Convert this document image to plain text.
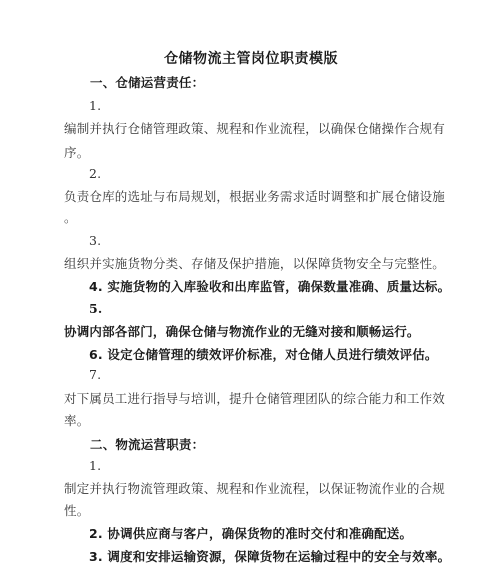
仓储物流主管岗位职责模版
一、仓储运营责任：
1.
编制并执行仓储管理政策、规程和作业流程，以确保仓储操作合规有
序。
2.
负责仓库的选址与布局规划，根据业务需求适时调整和扩展仓储设施
。
3.
组织并实施货物分类、存储及保护措施，以保障货物安全与完整性。
4. 实施货物的入库验收和出库监管，确保数量准确、质量达标。
5.
协调内部各部门，确保仓储与物流作业的无缝对接和顺畅运行。
6. 设定仓储管理的绩效评价标准，对仓储人员进行绩效评估。
7.
对下属员工进行指导与培训，提升仓储管理团队的综合能力和工作效
率。
二、物流运营职责：
1.
制定并执行物流管理政策、规程和作业流程，以保证物流作业的合规
性。
2. 协调供应商与客户，确保货物的准时交付和准确配送。
3. 调度和安排运输资源，保障货物在运输过程中的安全与效率。
